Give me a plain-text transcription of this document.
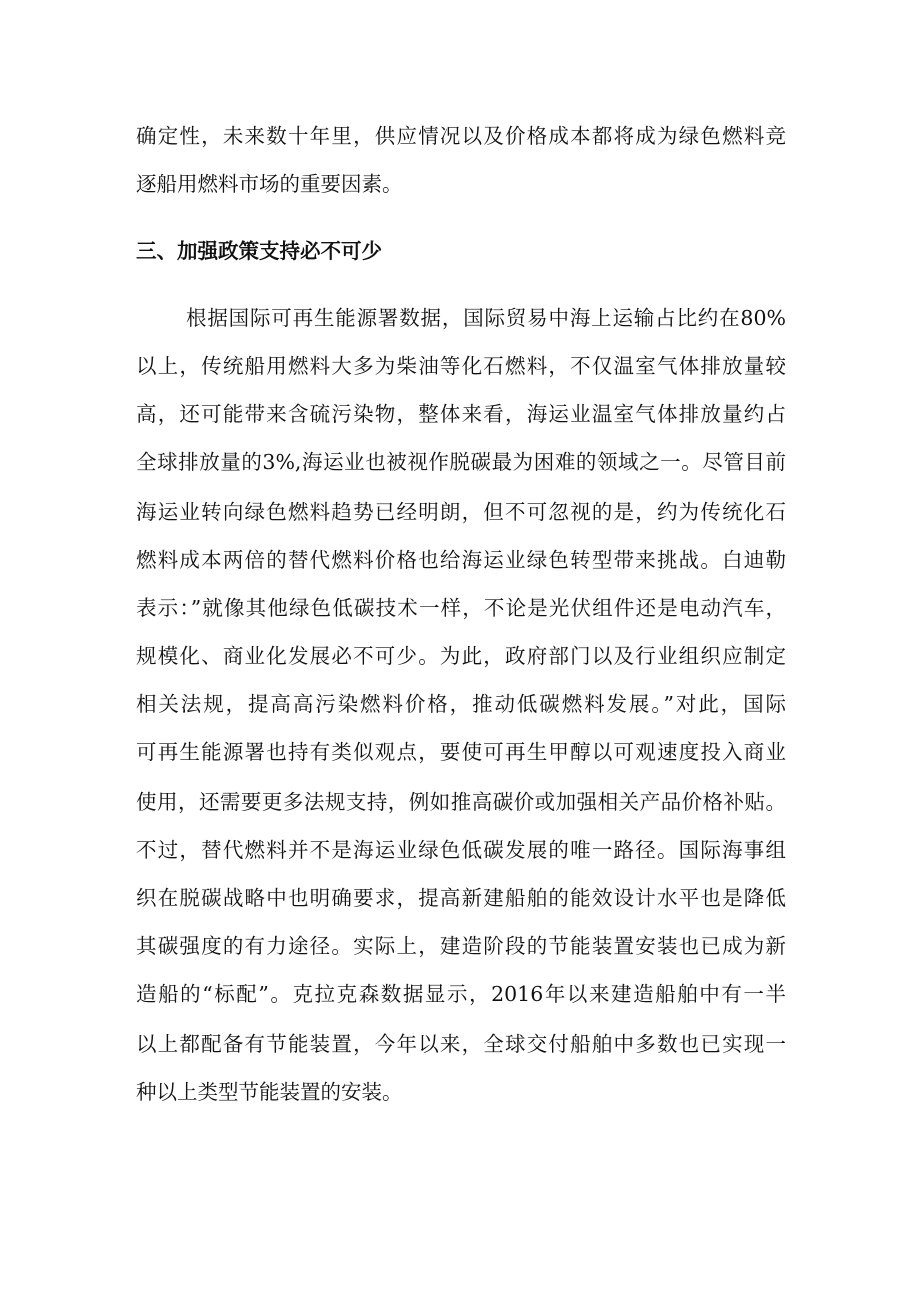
确定性，未来数十年里，供应情况以及价格成本都将成为绿色燃料竞
逐船用燃料市场的重要因素。
三、加强政策支持必不可少
根据国际可再生能源署数据，国际贸易中海上运输占比约在80%
以上，传统船用燃料大多为柴油等化石燃料，不仅温室气体排放量较
高，还可能带来含硫污染物，整体来看，海运业温室气体排放量约占
全球排放量的3%,海运业也被视作脱碳最为困难的领域之一。尽管目前
海运业转向绿色燃料趋势已经明朗，但不可忽视的是，约为传统化石
燃料成本两倍的替代燃料价格也给海运业绿色转型带来挑战。白迪勒
表示：”就像其他绿色低碳技术一样，不论是光伏组件还是电动汽车，
规模化、商业化发展必不可少。为此，政府部门以及行业组织应制定
相关法规，提高高污染燃料价格，推动低碳燃料发展。”对此，国际
可再生能源署也持有类似观点，要使可再生甲醇以可观速度投入商业
使用，还需要更多法规支持，例如推高碳价或加强相关产品价格补贴。
不过，替代燃料并不是海运业绿色低碳发展的唯一路径。国际海事组
织在脱碳战略中也明确要求，提高新建船舶的能效设计水平也是降低
其碳强度的有力途径。实际上，建造阶段的节能装置安装也已成为新
造船的“标配”。克拉克森数据显示，2016年以来建造船舶中有一半
以上都配备有节能装置，今年以来，全球交付船舶中多数也已实现一
种以上类型节能装置的安装。
